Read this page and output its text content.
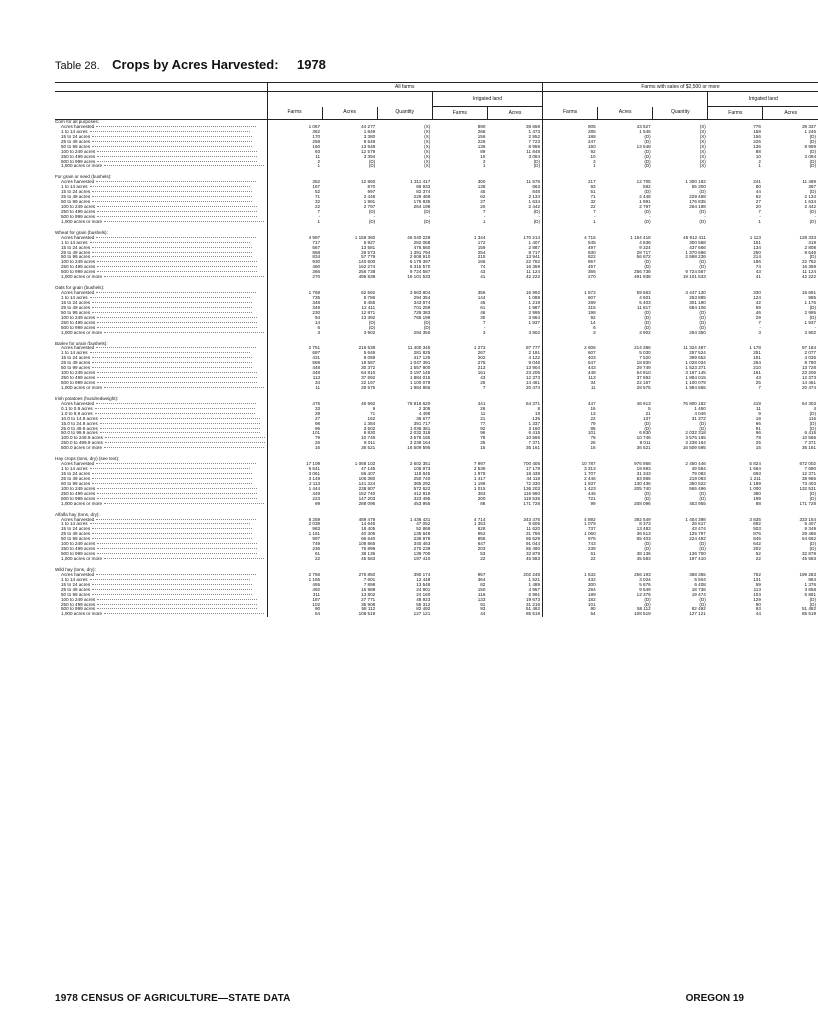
Table 28. Crops by Acres Harvested: 1978
	All farms					Farms with sales of $2,500 or more				
				Irrigated land					Irrigated land	
	Farms	Acres	Quantity	Farms	Acres	Farms	Acres	Quantity	Farms	Acres
Corn for all purposes:										
Acres harvested	1 067	44 277	(X)	890	39 659	905	43 527	(X)	776	39 337
1 to 14 acres	362	1 849	(X)	268	1 473	285	1 546	(X)	158	1 246
15 to 24 acres	170	3 380	(X)	156	2 952	188	(D)	(X)	156	(D)
25 to 49 acres	258	8 548	(X)	226	7 723	247	(D)	(X)	225	(D)
50 to 99 acres	160	13 648	(X)	136	8 959	160	13 548	(X)	136	8 959
100 to 249 acres	93	12 579	(X)	89	11 848	92	(D)	(X)	88	(D)
250 to 499 acres	11	3 394	(X)	10	3 084	10	(D)	(X)	10	3 084
500 to 999 acres	2	(D)	(X)	2	(D)	2	(D)	(X)	2	(D)
1,000 acres or more	1	(D)	(X)	1	(D)	1	(D)	(X)	1	(D)

For grain or seed (bushels):										
Acres harvested	352	12 860	1 311 417	300	11 576	217	12 705	1 300 182	241	11 489
1 to 14 acres	167	870	66 933	138	663	93	582	55 300	80	397
15 to 24 acres	52	997	82 374	45	848	51	(D)	(D)	44	(D)
25 to 49 acres	71	2 448	229 468	62	2 134	71	2 448	229 468	62	2 134
50 to 99 acres	32	1 991	176 835	27	1 634	32	1 991	176 835	27	1 634
100 to 249 acres	22	2 797	264 198	20	2 442	22	2 797	264 198	20	2 442
250 to 499 acres	7	(D)	(D)	7	(D)	7	(D)	(D)	7	(D)
500 to 999 acres	-	-	-	-	-	-	-	-	-	-
1,000 acres or more	1	(D)	(D)	1	(D)	1	(D)	(D)	1	(D)

Wheat for grain (bushels):										
Acres harvested	4 997	1 159 360	46 040 229	1 344	170 214	4 716	1 154 418	45 912 411	1 113	128 333
1 to 14 acres	717	5 927	282 058	172	1 407	545	4 636	300 568	151	319
15 to 24 acres	567	13 581	476 560	159	2 887	497	9 324	437 666	134	2 808
25 to 49 acres	858	29 573	1 391 794	254	8 717	830	28 717	1 370 696	250	8 646
50 to 99 acres	834	57 779	2 608 910	215	13 941	822	56 872	2 598 236	214	(D)
100 to 249 acres	930	140 600	6 179 397	186	22 782	957	(D)	(D)	186	22 782
250 to 499 acres	460	162 274	6 315 570	74	16 359	457	(D)	(D)	74	16 359
500 to 999 acres	366	256 738	9 724 587	43	11 124	366	256 738	9 724 587	43	11 124
1,000 acres or more	270	495 938	19 101 533	41	42 222	270	491 938	19 101 533	41	42 222

Oats for grain (bushels):										
Acres harvested	1 768	62 592	3 563 804	356	16 992	1 572	59 563	3 447 130	330	16 691
1 to 14 acres	735	5 786	294 354	144	1 088	607	4 601	253 885	124	965
15 to 24 acres	348	6 455	343 874	45	1 219	289	5 403	301 190	42	1 176
25 to 49 acres	349	12 411	701 259	61	1 987	315	11 817	684 106	59	(D)
50 to 99 acres	230	12 871	729 383	46	2 995	198	(D)	(D)	46	2 995
100 to 249 acres	94	13 392	765 198	30	3 864	92	(D)	(D)	29	(D)
250 to 499 acres	14	(D)	(D)	7	1 937	14	(D)	(D)	7	1 937
500 to 999 acres	6	(D)	(D)	-	-	6	(D)	(D)	-	-
1,000 acres or more	3	3 902	294 350	3	3 902	3	3 902	294 350	3	3 902

Barley for grain (bushels):										
Acres harvested	2 751	216 538	11 400 345	1 273	97 777	2 606	214 386	11 324 487	1 178	97 184
1 to 14 acres	697	5 646	281 825	267	2 191	607	5 030	257 524	251	2 077
15 to 24 acres	431	8 059	417 125	202	4 122	403	7 520	399 652	191	4 035
25 to 49 acres	569	19 587	1 047 391	275	9 046	547	18 830	1 028 034	264	8 780
50 to 99 acres	448	30 372	1 557 900	213	13 904	443	29 749	1 523 371	210	13 728
100 to 249 acres	448	64 810	3 197 145	161	23 206	448	64 810	3 197 145	161	23 206
250 to 499 acres	113	37 692	1 884 015	43	12 373	113	37 692	1 884 015	43	12 373
500 to 999 acres	34	22 167	1 100 079	25	14 461	34	22 167	1 100 079	25	14 461
1,000 acres or more	11	28 575	1 984 865	7	20 474	11	28 575	1 984 865	7	20 474

Irish potatoes (hundredweight):										
Acres harvested	476	46 992	76 818 620	441	64 371	447	46 913	76 800 182	419	64 303
0.1 to 0.9 acres	33	9	2 305	26	8	16	5	1 450	11	4
1.0 to 9.9 acres	29	71	4 498	11	19	13	21	4 046	9	(D)
10.0 to 14.9 acres	27	162	36 677	21	135	22	137	31 372	18	116
15.0 to 24.9 acres	98	1 384	391 717	77	1 337	79	(D)	(D)	66	(D)
25.0 to 49.9 acres	96	3 502	1 036 381	92	3 160	95	(D)	(D)	91	(D)
50.0 to 99.9 acres	101	6 830	2 032 318	96	6 415	101	6 830	2 032 318	96	6 415
100.0 to 249.9 acres	79	10 746	3 576 165	78	10 566	79	10 746	3 576 165	78	10 566
250.0 to 499.9 acres	26	8 011	3 238 164	25	7 371	26	8 011	3 238 164	25	7 371
500.0 acres or more	16	36 521	16 509 595	15	35 161	16	36 521	16 509 595	15	35 161

Hay crops (tons, dry) (see text):										
Acres harvested	17 109	1 068 102	2 602 351	7 997	700 405	10 787	976 958	2 450 446	5 824	672 002
1 to 14 acres	6 541	47 145	105 973	2 536	17 178	3 313	19 693	49 584	1 664	7 690
15 to 24 acres	3 061	56 407	118 845	1 978	18 438	1 707	31 343	79 082	693	12 371
25 to 49 acres	3 149	106 380	250 740	1 417	44 118	2 446	83 866	219 093	1 211	38 965
50 to 99 acres	2 113	141 324	365 292	1 198	72 330	1 937	130 436	350 522	1 189	73 403
100 to 249 acres	1 444	238 807	572 622	1 015	136 203	1 423	205 740	565 496	1 000	132 531
250 to 499 acres	449	152 740	412 819	383	116 960	446	(D)	(D)	380	(D)
500 to 999 acres	223	147 203	323 495	200	119 535	721	(D)	(D)	199	(D)
1,000 acres or more	99	288 096	453 955	88	171 728	99	208 096	453 955	88	171 728

Alfalfa hay (tons, dry):										
Acres harvested	6 259	489 479	1 436 431	4 714	343 476	4 892	392 549	1 404 398	3 835	333 164
1 to 14 acres	2 039	14 646	47 052	1 353	9 605	1 079	8 373	29 617	692	5 407
15 to 24 acres	983	18 405	52 869	628	11 620	737	13 483	43 474	503	9 349
25 to 49 acres	1 181	40 305	135 849	952	31 766	1 060	36 513	125 797	876	29 486
50 to 99 acres	997	66 640	236 876	858	55 529	976	65 403	224 492	845	54 662
100 to 249 acres	749	108 865	340 463	647	91 044	743	(D)	(D)	642	(D)
250 to 499 acres	236	76 899	270 239	203	65 490	239	(D)	(D)	202	(D)
500 to 999 acres	61	38 136	136 700	53	32 879	61	38 136	136 700	52	32 879
1,000 acres or more	22	45 583	197 410	22	45 583	22	45 583	197 410	22	45 583

Wild hay (tons, dry):										
Acres harvested	2 756	275 850	390 174	957	202 248	1 532	256 193	368 355	752	199 283
1 to 14 acres	1 165	7 601	12 448	364	1 521	432	3 024	5 504	131	864
15 to 24 acres	455	7 898	13 548	82	1 489	300	5 676	6 408	59	1 376
25 to 49 acres	492	16 988	24 901	150	4 957	284	9 649	18 736	113	3 658
50 to 99 acres	311	13 802	24 160	116	6 991	189	12 376	19 474	103	5 891
100 to 249 acres	187	27 771	48 923	133	19 673	182	(D)	(D)	129	(D)
250 to 499 acres	102	35 908	55 312	91	31 216	101	(D)	(D)	90	(D)
500 to 999 acres	90	58 112	82 492	93	51 482	90	58 112	82 492	93	51 482
1,000 acres or more	54	108 519	127 121	44	85 519	54	108 519	127 121	44	85 519
1978 CENSUS OF AGRICULTURE—STATE DATA	OREGON 19
